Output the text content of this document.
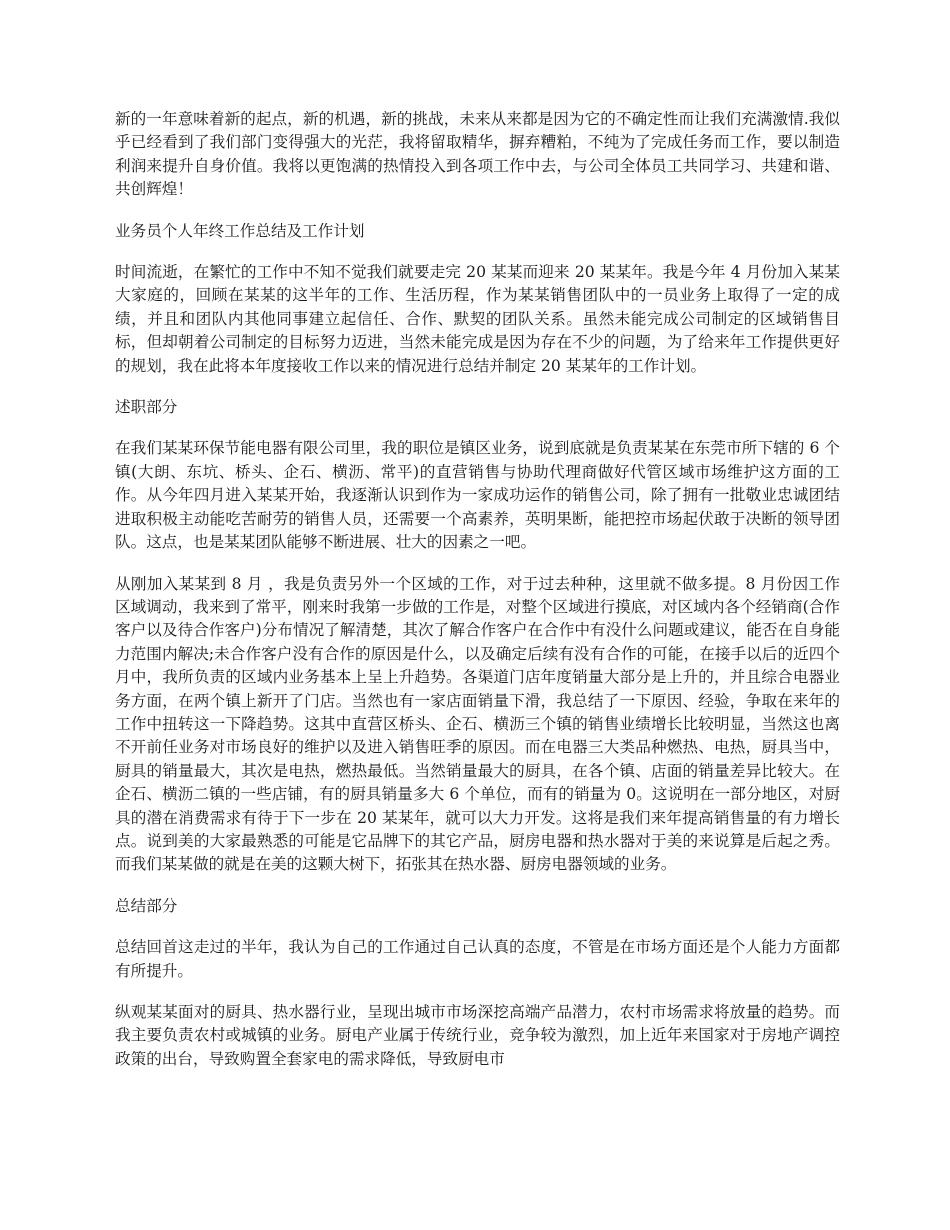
新的一年意味着新的起点，新的机遇，新的挑战，未来从来都是因为它的不确定性而让我们充满激情.我似乎已经看到了我们部门变得强大的光茫，我将留取精华，摒弃糟粕，不纯为了完成任务而工作，要以制造利润来提升自身价值。我将以更饱满的热情投入到各项工作中去，与公司全体员工共同学习、共建和谐、共创辉煌！

业务员个人年终工作总结及工作计划

时间流逝，在繁忙的工作中不知不觉我们就要走完 20 某某而迎来 20 某某年。我是今年 4 月份加入某某大家庭的，回顾在某某的这半年的工作、生活历程，作为某某销售团队中的一员业务上取得了一定的成绩，并且和团队内其他同事建立起信任、合作、默契的团队关系。虽然未能完成公司制定的区域销售目标，但却朝着公司制定的目标努力迈进，当然未能完成是因为存在不少的问题，为了给来年工作提供更好的规划，我在此将本年度接收工作以来的情况进行总结并制定 20 某某年的工作计划。

述职部分

在我们某某环保节能电器有限公司里，我的职位是镇区业务，说到底就是负责某某在东莞市所下辖的 6 个镇(大朗、东坑、桥头、企石、横沥、常平)的直营销售与协助代理商做好代管区域市场维护这方面的工作。从今年四月进入某某开始，我逐渐认识到作为一家成功运作的销售公司，除了拥有一批敬业忠诚团结进取积极主动能吃苦耐劳的销售人员，还需要一个高素养，英明果断，能把控市场起伏敢于决断的领导团队。这点，也是某某团队能够不断进展、壮大的因素之一吧。

从刚加入某某到 8 月 ，我是负责另外一个区域的工作，对于过去种种，这里就不做多提。8 月份因工作区域调动，我来到了常平，刚来时我第一步做的工作是，对整个区域进行摸底，对区域内各个经销商(合作客户以及待合作客户)分布情况了解清楚，其次了解合作客户在合作中有没什么问题或建议，能否在自身能力范围内解决;未合作客户没有合作的原因是什么，以及确定后续有没有合作的可能，在接手以后的近四个月中，我所负责的区域内业务基本上呈上升趋势。各渠道门店年度销量大部分是上升的，并且综合电器业务方面，在两个镇上新开了门店。当然也有一家店面销量下滑，我总结了一下原因、经验，争取在来年的工作中扭转这一下降趋势。这其中直营区桥头、企石、横沥三个镇的销售业绩增长比较明显，当然这也离不开前任业务对市场良好的维护以及进入销售旺季的原因。而在电器三大类品种燃热、电热，厨具当中，厨具的销量最大，其次是电热，燃热最低。当然销量最大的厨具，在各个镇、店面的销量差异比较大。在企石、横沥二镇的一些店铺，有的厨具销量多大 6 个单位，而有的销量为 0。这说明在一部分地区，对厨具的潜在消费需求有待于下一步在 20 某某年，就可以大力开发。这将是我们来年提高销售量的有力增长点。说到美的大家最熟悉的可能是它品牌下的其它产品，厨房电器和热水器对于美的来说算是后起之秀。而我们某某做的就是在美的这颗大树下，拓张其在热水器、厨房电器领域的业务。

总结部分

总结回首这走过的半年，我认为自己的工作通过自己认真的态度，不管是在市场方面还是个人能力方面都有所提升。

纵观某某面对的厨具、热水器行业，呈现出城市市场深挖高端产品潜力，农村市场需求将放量的趋势。而我主要负责农村或城镇的业务。厨电产业属于传统行业，竞争较为激烈，加上近年来国家对于房地产调控政策的出台，导致购置全套家电的需求降低，导致厨电市
